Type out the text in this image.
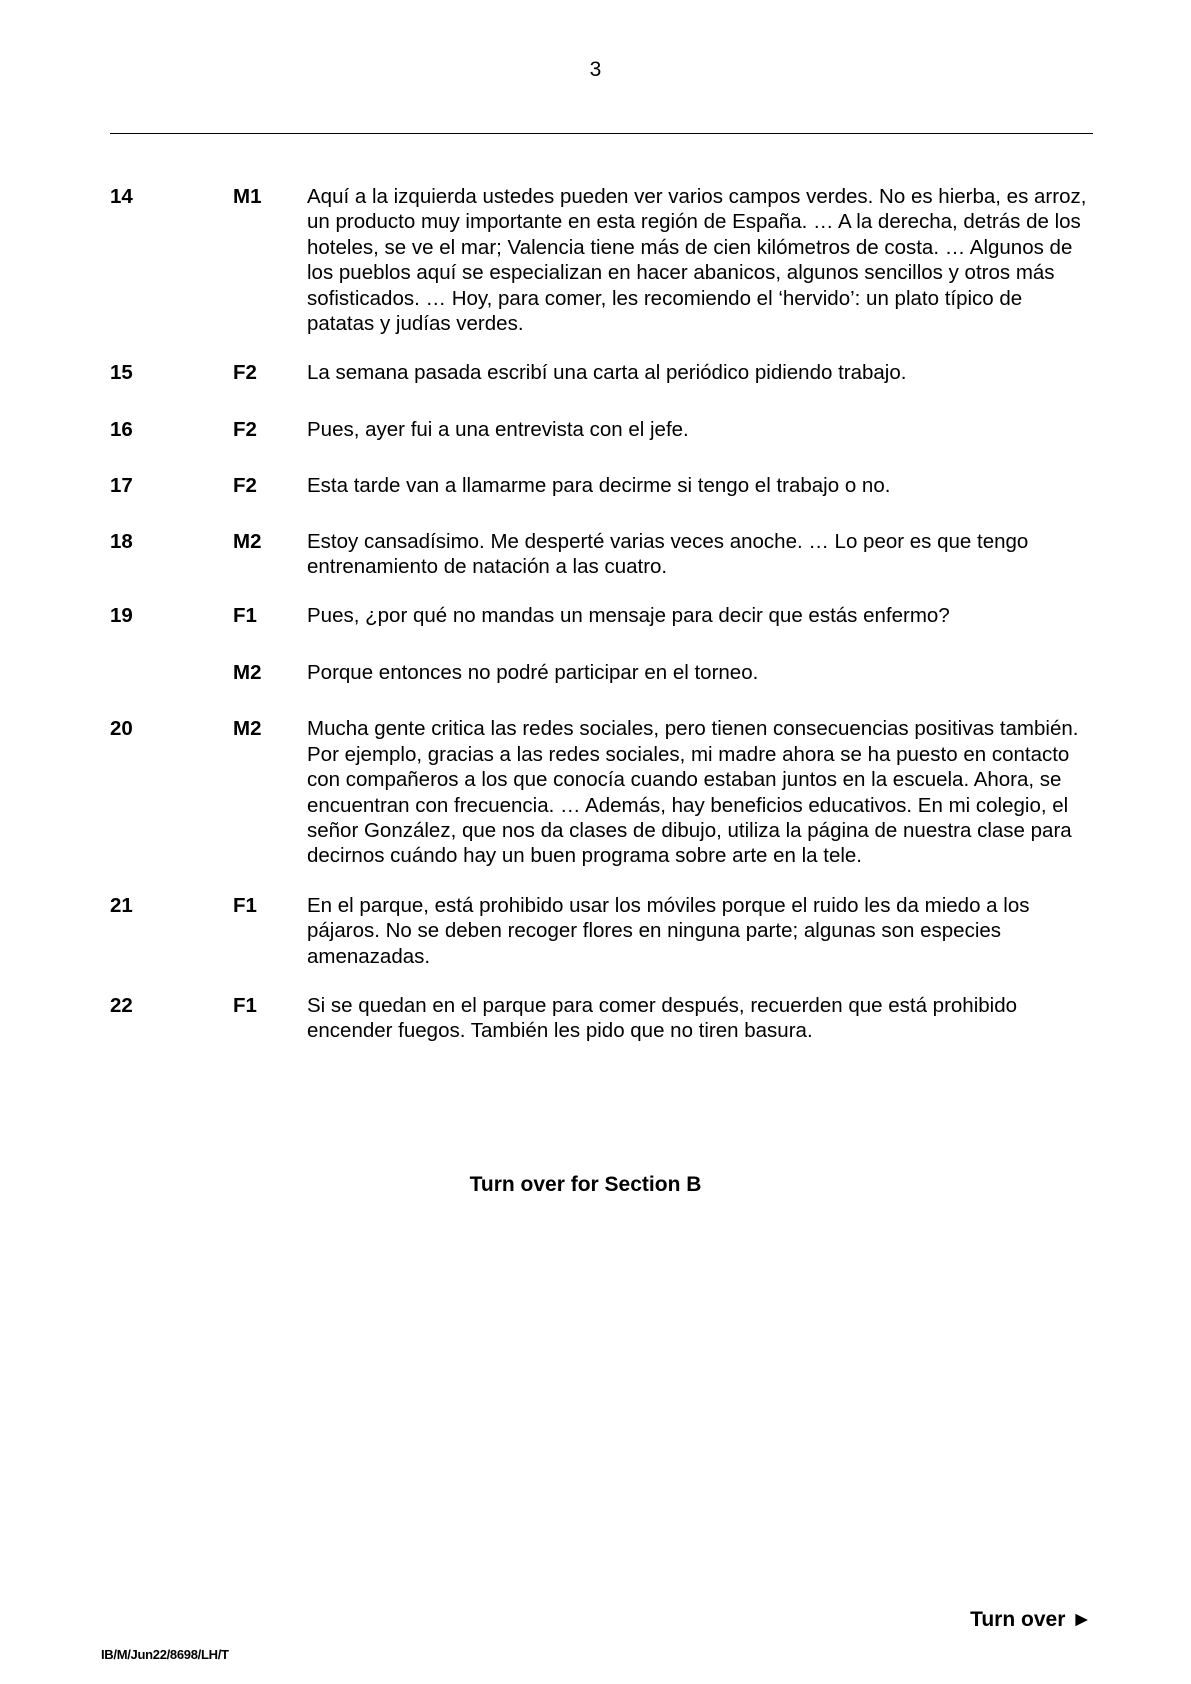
3
14	M1	Aquí a la izquierda ustedes pueden ver varios campos verdes. No es hierba, es arroz, un producto muy importante en esta región de España. … A la derecha, detrás de los hoteles, se ve el mar; Valencia tiene más de cien kilómetros de costa. … Algunos de los pueblos aquí se especializan en hacer abanicos, algunos sencillos y otros más sofisticados. … Hoy, para comer, les recomiendo el ‘hervido’: un plato típico de patatas y judías verdes.
15	F2	La semana pasada escribí una carta al periódico pidiendo trabajo.
16	F2	Pues, ayer fui a una entrevista con el jefe.
17	F2	Esta tarde van a llamarme para decirme si tengo el trabajo o no.
18	M2	Estoy cansadísimo. Me desperté varias veces anoche. … Lo peor es que tengo entrenamiento de natación a las cuatro.
19	F1	Pues, ¿por qué no mandas un mensaje para decir que estás enfermo?
M2	Porque entonces no podré participar en el torneo.
20	M2	Mucha gente critica las redes sociales, pero tienen consecuencias positivas también. Por ejemplo, gracias a las redes sociales, mi madre ahora se ha puesto en contacto con compañeros a los que conocía cuando estaban juntos en la escuela. Ahora, se encuentran con frecuencia. … Además, hay beneficios educativos. En mi colegio, el señor González, que nos da clases de dibujo, utiliza la página de nuestra clase para decirnos cuándo hay un buen programa sobre arte en la tele.
21	F1	En el parque, está prohibido usar los móviles porque el ruido les da miedo a los pájaros. No se deben recoger flores en ninguna parte; algunas son especies amenazadas.
22	F1	Si se quedan en el parque para comer después, recuerden que está prohibido encender fuegos. También les pido que no tiren basura.
Turn over for Section B
Turn over ►
IB/M/Jun22/8698/LH/T
